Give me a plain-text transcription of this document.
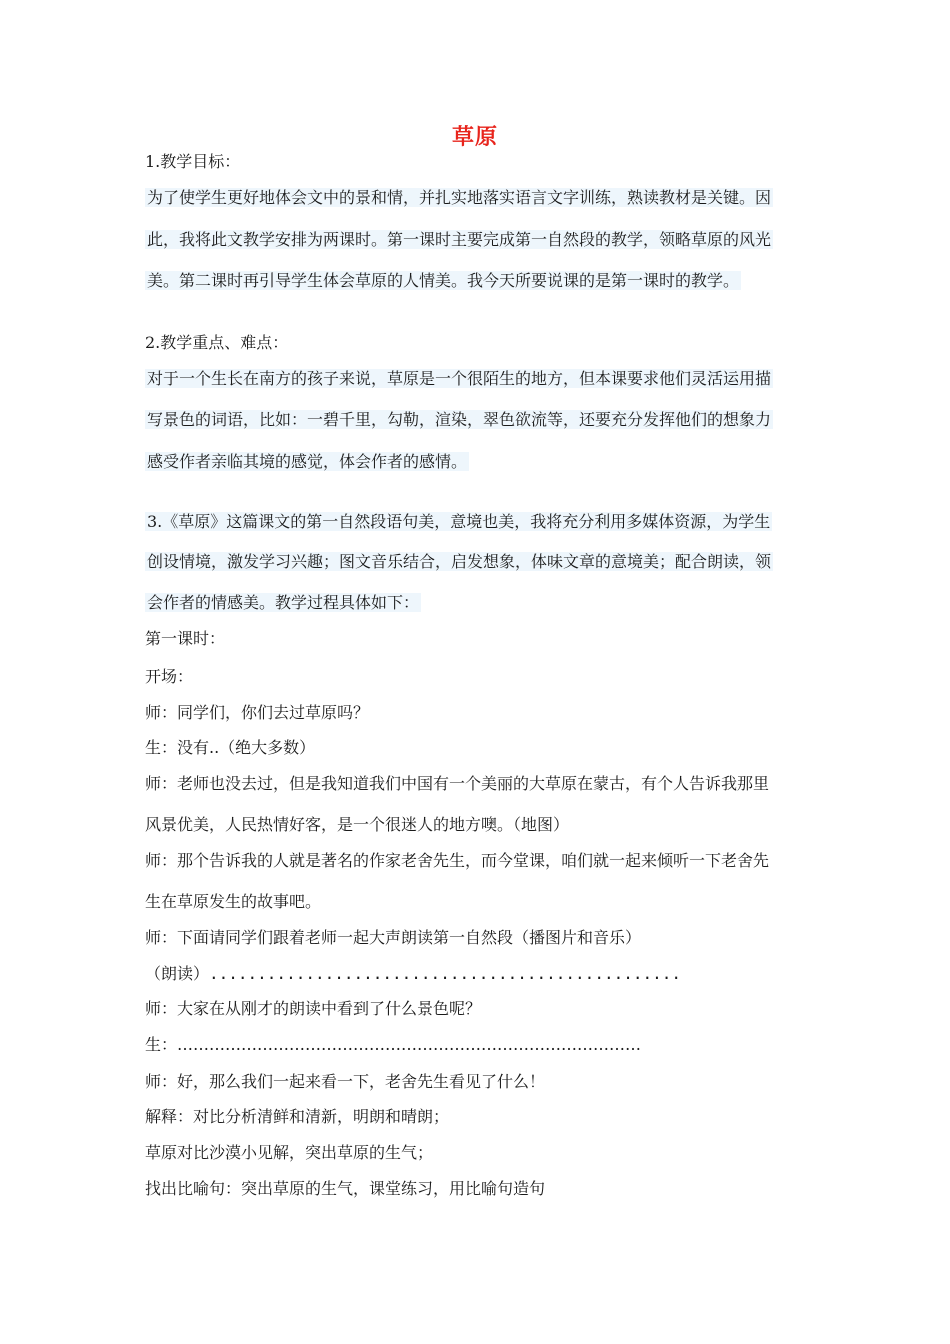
草原
1.教学目标：
为了使学生更好地体会文中的景和情，并扎实地落实语言文字训练，熟读教材是关键。因
此，我将此文教学安排为两课时。第一课时主要完成第一自然段的教学，领略草原的风光
美。第二课时再引导学生体会草原的人情美。我今天所要说课的是第一课时的教学。
2.教学重点、难点：
对于一个生长在南方的孩子来说，草原是一个很陌生的地方，但本课要求他们灵活运用描
写景色的词语，比如：一碧千里，勾勒，渲染，翠色欲流等，还要充分发挥他们的想象力
感受作者亲临其境的感觉，体会作者的感情。
3.《草原》这篇课文的第一自然段语句美，意境也美，我将充分利用多媒体资源，为学生
创设情境，激发学习兴趣；图文音乐结合，启发想象，体味文章的意境美；配合朗读，领
会作者的情感美。教学过程具体如下：
第一课时：
开场：
师：同学们，你们去过草原吗？
生：没有..（绝大多数）
师：老师也没去过，但是我知道我们中国有一个美丽的大草原在蒙古，有个人告诉我那里
风景优美，人民热情好客，是一个很迷人的地方噢。（地图）
师：那个告诉我的人就是著名的作家老舍先生，而今堂课，咱们就一起来倾听一下老舍先
生在草原发生的故事吧。
师：下面请同学们跟着老师一起大声朗读第一自然段（播图片和音乐）
（朗读）.................................................
师：大家在从刚才的朗读中看到了什么景色呢？
生：……………………………………………………………………………
师：好，那么我们一起来看一下，老舍先生看见了什么！
解释：对比分析清鲜和清新，明朗和晴朗；
草原对比沙漠小见解，突出草原的生气；
找出比喻句：突出草原的生气，课堂练习，用比喻句造句
